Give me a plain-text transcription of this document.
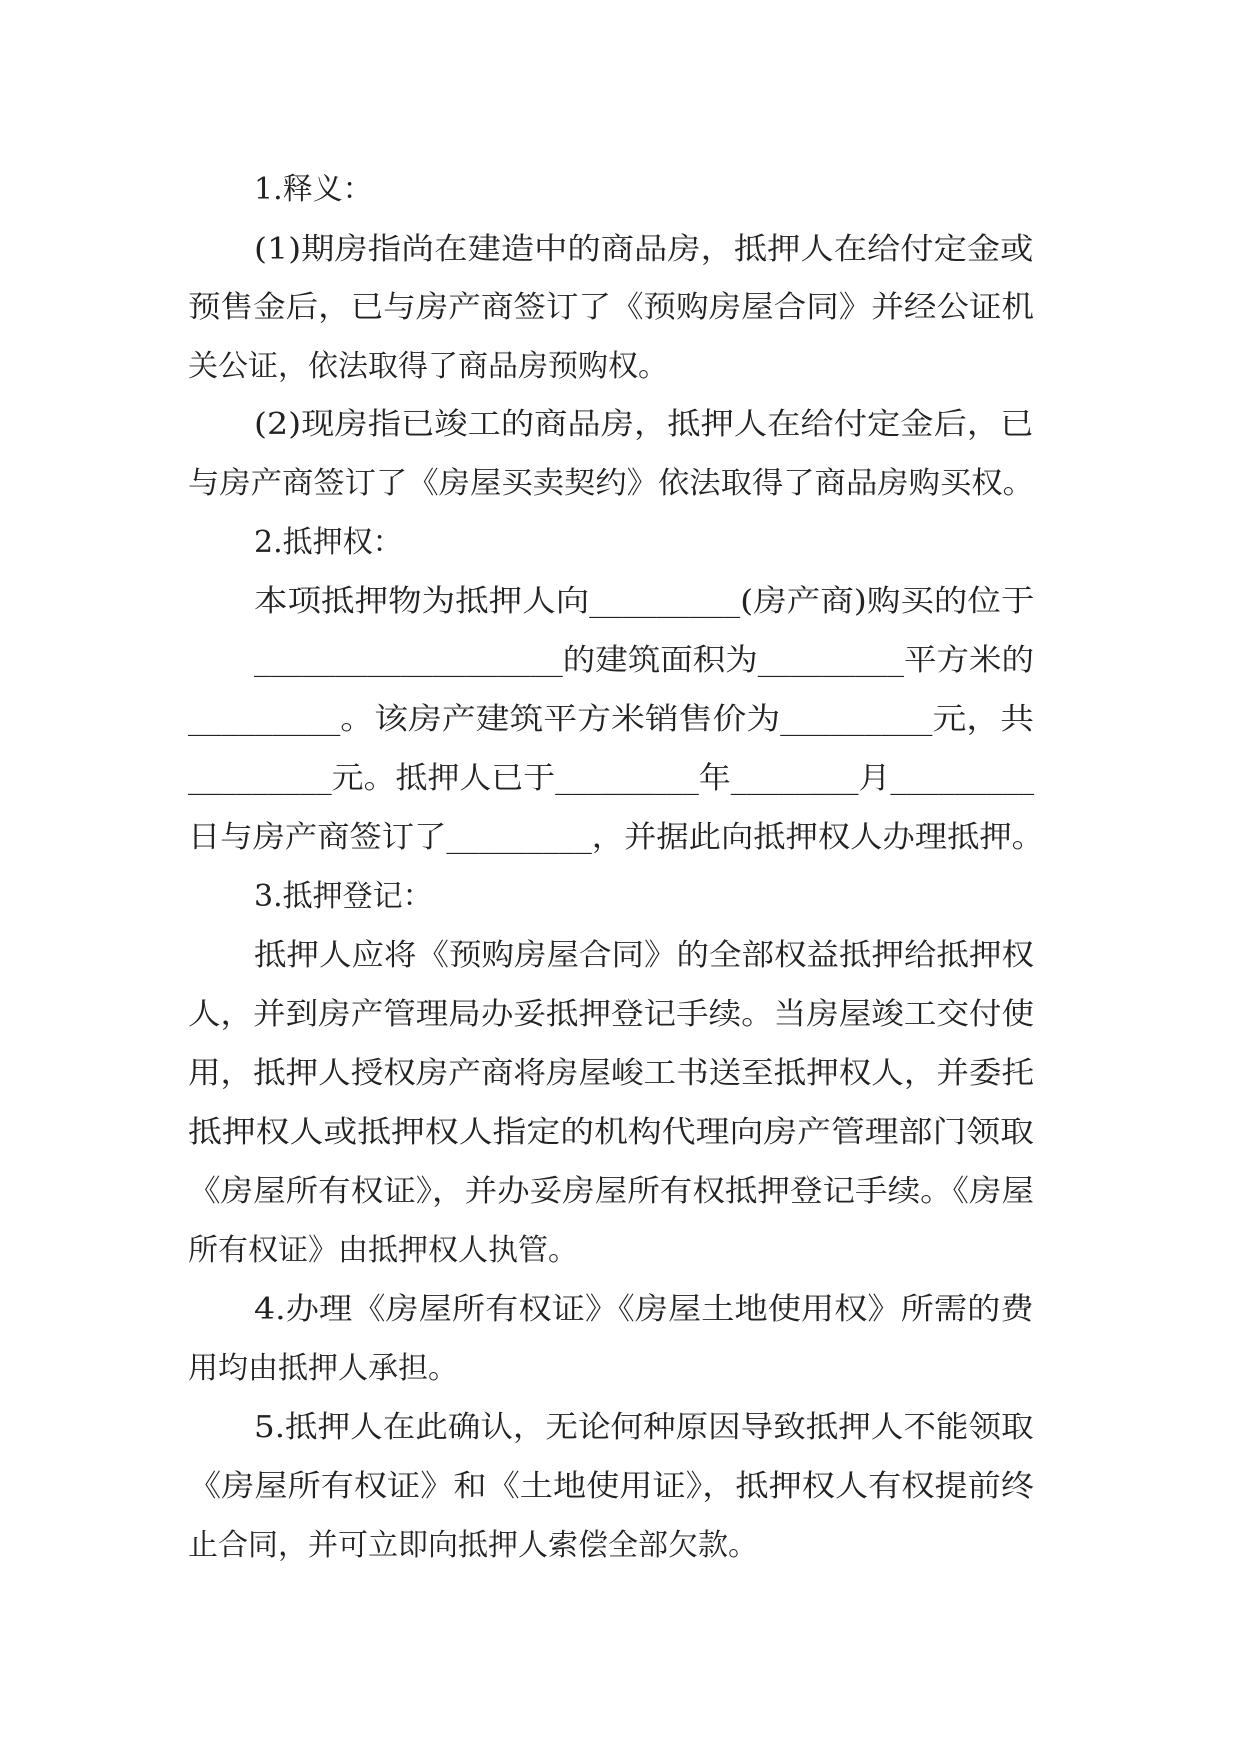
1.释义：

(1)期房指尚在建造中的商品房，抵押人在给付定金或

预售金后，已与房产商签订了《预购房屋合同》并经公证机

关公证，依法取得了商品房预购权。

(2)现房指已竣工的商品房，抵押人在给付定金后，已

与房产商签订了《房屋买卖契约》依法取得了商品房购买权。

2.抵押权：

本项抵押物为抵押人向_________(房产商)购买的位于

___________________的建筑面积为_________平方米的

_________。该房产建筑平方米销售价为_________元，共

_________元。抵押人已于_________年________月_________

日与房产商签订了_________，并据此向抵押权人办理抵押。

3.抵押登记：

抵押人应将《预购房屋合同》的全部权益抵押给抵押权

人，并到房产管理局办妥抵押登记手续。当房屋竣工交付使

用，抵押人授权房产商将房屋峻工书送至抵押权人，并委托

抵押权人或抵押权人指定的机构代理向房产管理部门领取

《房屋所有权证》，并办妥房屋所有权抵押登记手续。《房屋

所有权证》由抵押权人执管。

4.办理《房屋所有权证》《房屋土地使用权》所需的费

用均由抵押人承担。

5.抵押人在此确认，无论何种原因导致抵押人不能领取

《房屋所有权证》和《土地使用证》，抵押权人有权提前终

止合同，并可立即向抵押人索偿全部欠款。
